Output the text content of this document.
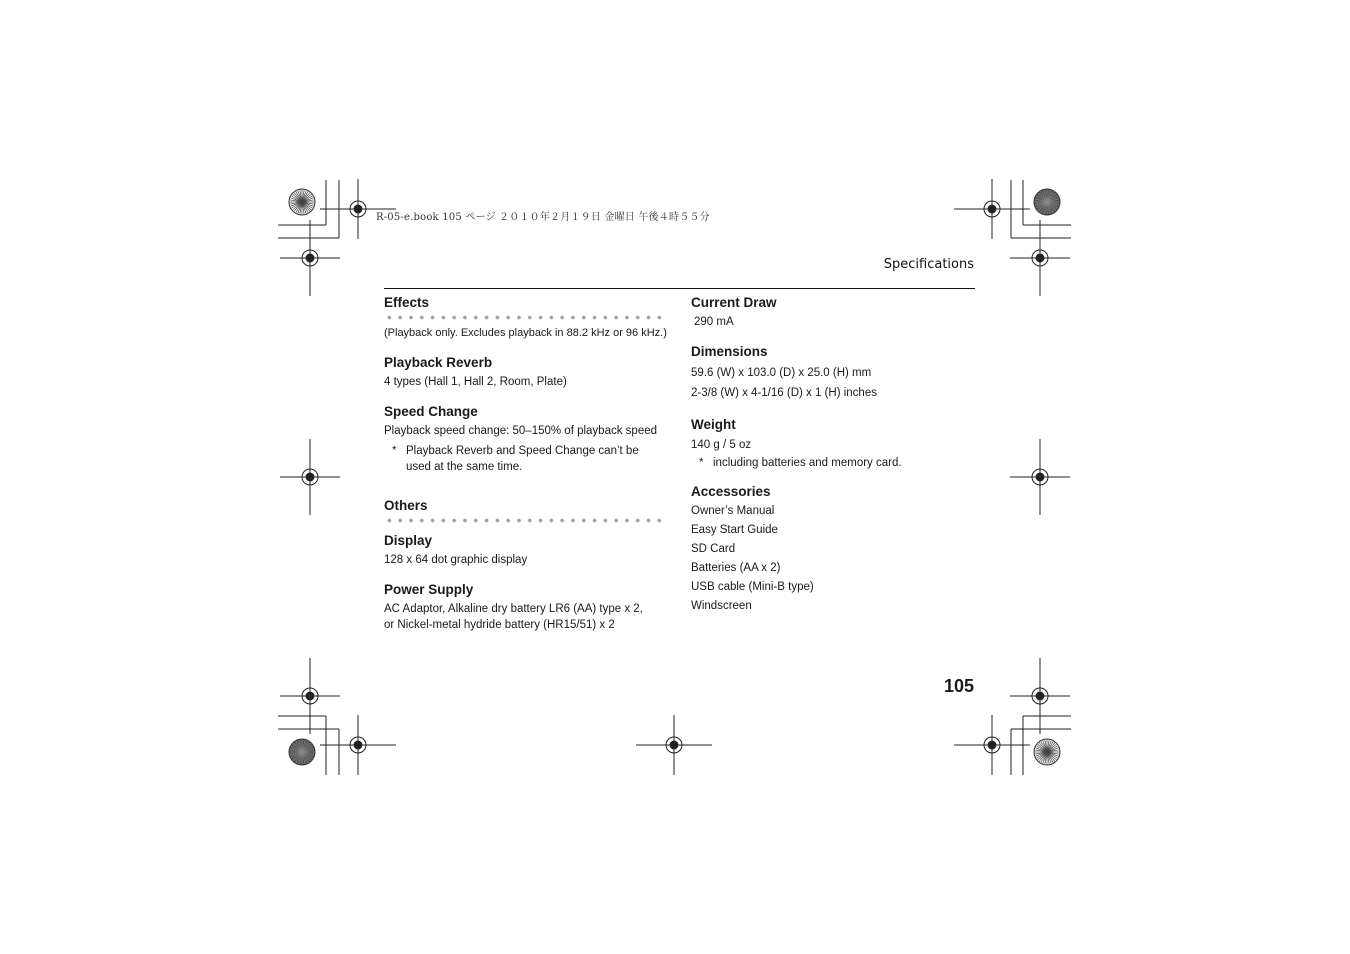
R-05-e.book 105 ページ ２０１０年２月１９日 金曜日 午後４時５５分
Specifications

Effects

(Playback only. Excludes playback in 88.2 kHz or 96 kHz.)

Playback Reverb

4 types (Hall 1, Hall 2, Room, Plate)

Speed Change

Playback speed change: 50–150% of playback speed

* Playback Reverb and Speed Change can’t be used at the same time.

Others

Display

128 x 64 dot graphic display

Power Supply

AC Adaptor, Alkaline dry battery LR6 (AA) type x 2,

or Nickel-metal hydride battery (HR15/51) x 2

Current Draw

290 mA

Dimensions

59.6 (W) x 103.0 (D) x 25.0 (H) mm

2-3/8 (W) x 4-1/16 (D) x 1 (H) inches

Weight

140 g / 5 oz

* including batteries and memory card.

Accessories

Owner’s Manual

Easy Start Guide

SD Card

Batteries (AA x 2)

USB cable (Mini-B type)

Windscreen

105
